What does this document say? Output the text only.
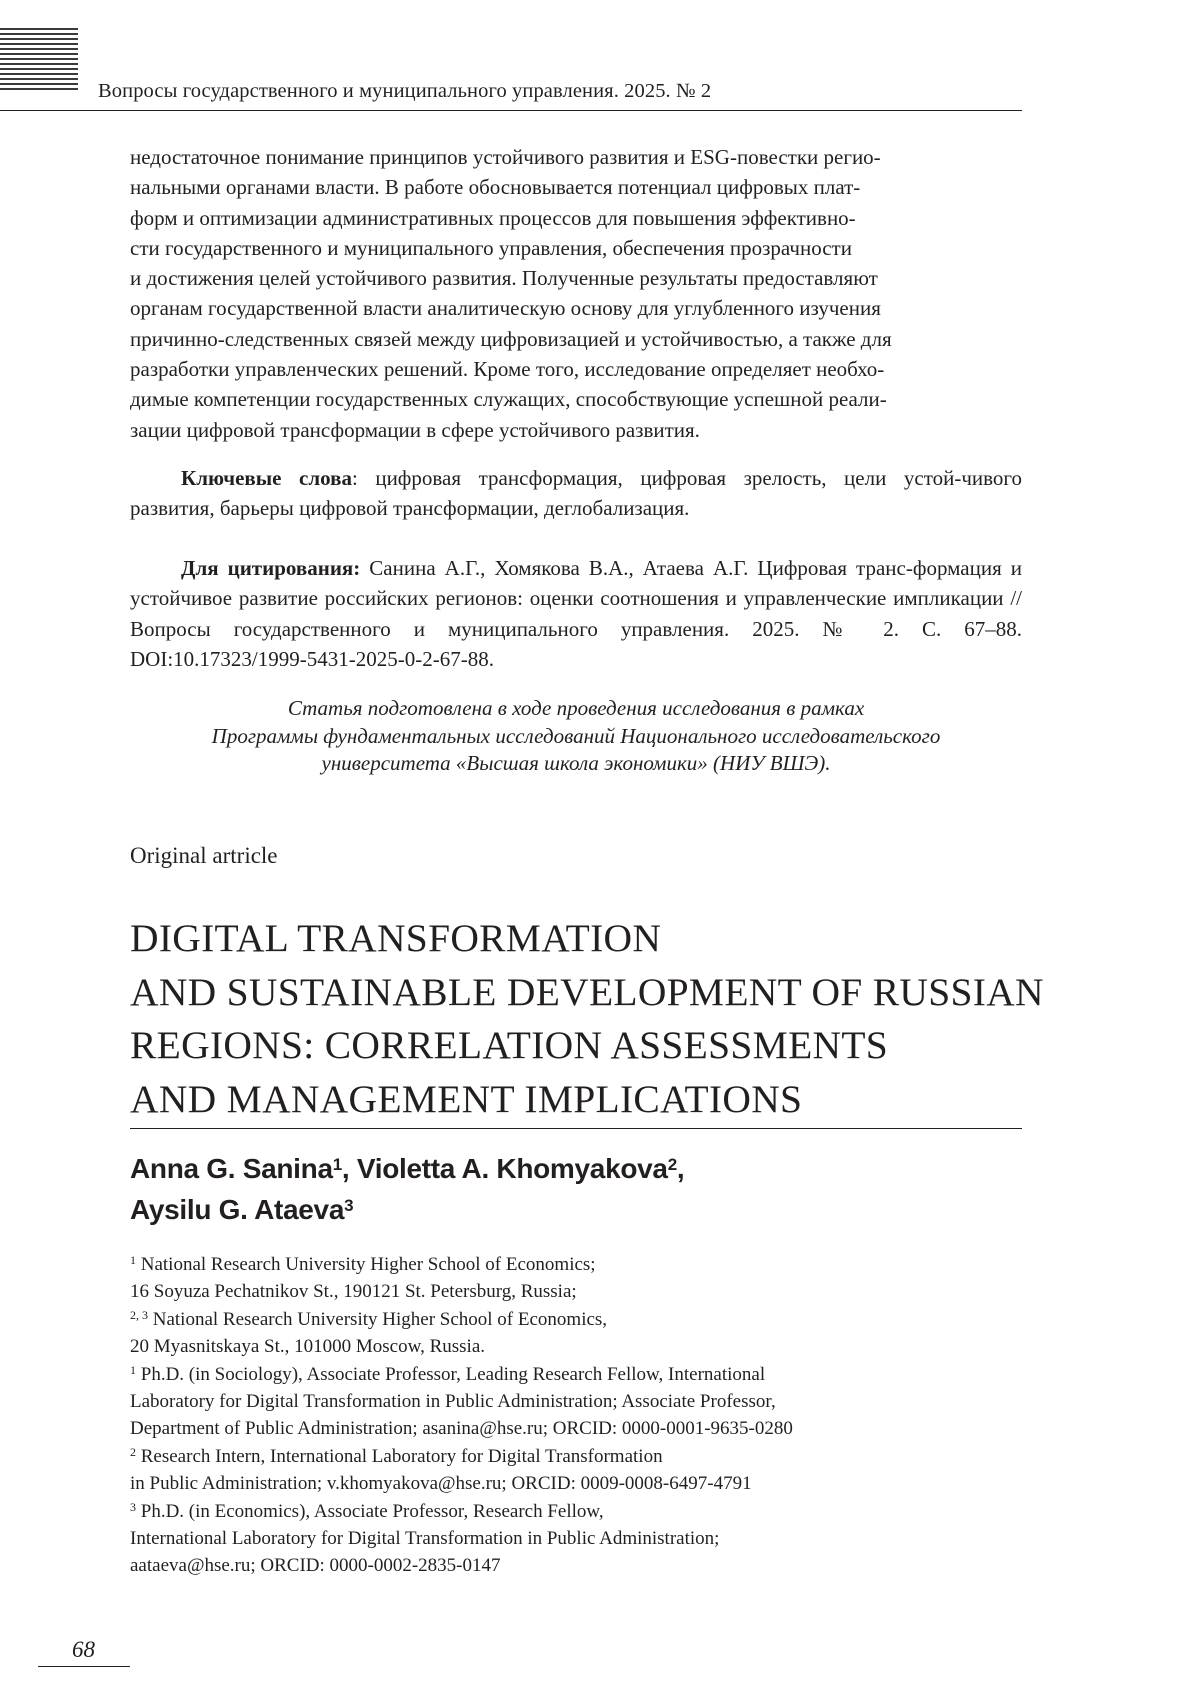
Вопросы государственного и муниципального управления. 2025. № 2

недостаточное понимание принципов устойчивого развития и ESG-повестки регио-

нальными органами власти. В работе обосновывается потенциал цифровых плат-

форм и оптимизации административных процессов для повышения эффективно-

сти государственного и муниципального управления, обеспечения прозрачности

и достижения целей устойчивого развития. Полученные результаты предоставляют

органам государственной власти аналитическую основу для углубленного изучения

причинно-следственных связей между цифровизацией и устойчивостью, а также для

разработки управленческих решений. Кроме того, исследование определяет необхо-

димые компетенции государственных служащих, способствующие успешной реали-

зации цифровой трансформации в сфере устойчивого развития.

Ключевые слова: цифровая трансформация, цифровая зрелость, цели устой-чивого развития, барьеры цифровой трансформации, деглобализация.

Для цитирования: Санина А.Г., Хомякова В.А., Атаева А.Г. Цифровая транс-формация и устойчивое развитие российских регионов: оценки соотношения и управленческие импликации // Вопросы государственного и муниципального управления. 2025. № 2. С. 67–88. DOI:10.17323/1999-5431-2025-0-2-67-88.

Статья подготовлена в ходе проведения исследования в рамках
Программы фундаментальных исследований Национального исследовательского
университета «Высшая школа экономики» (НИУ ВШЭ).
Original artricle
DIGITAL TRANSFORMATION
AND SUSTAINABLE DEVELOPMENT OF RUSSIAN
REGIONS: CORRELATION ASSESSMENTS
AND MANAGEMENT IMPLICATIONS
Anna G. Sanina$^1$, Violetta A. Khomyakova$^2$,
Aysilu G. Ataeva$^3$
$^1$ National Research University Higher School of Economics;
16 Soyuza Pechatnikov St., 190121 St. Petersburg, Russia;
$^{2, 3}$ National Research University Higher School of Economics,
20 Myasnitskaya St., 101000 Moscow, Russia.
$^1$ Ph.D. (in Sociology), Associate Professor, Leading Research Fellow, International
Laboratory for Digital Transformation in Public Administration; Associate Professor,
Department of Public Administration; asanina@hse.ru; ORCID: 0000-0001-9635-0280
$^2$ Research Intern, International Laboratory for Digital Transformation
in Public Administration; v.khomyakova@hse.ru; ORCID: 0009-0008-6497-4791
$^3$ Ph.D. (in Economics), Associate Professor, Research Fellow,
International Laboratory for Digital Transformation in Public Administration;
aataeva@hse.ru; ORCID: 0000-0002-2835-0147
68
